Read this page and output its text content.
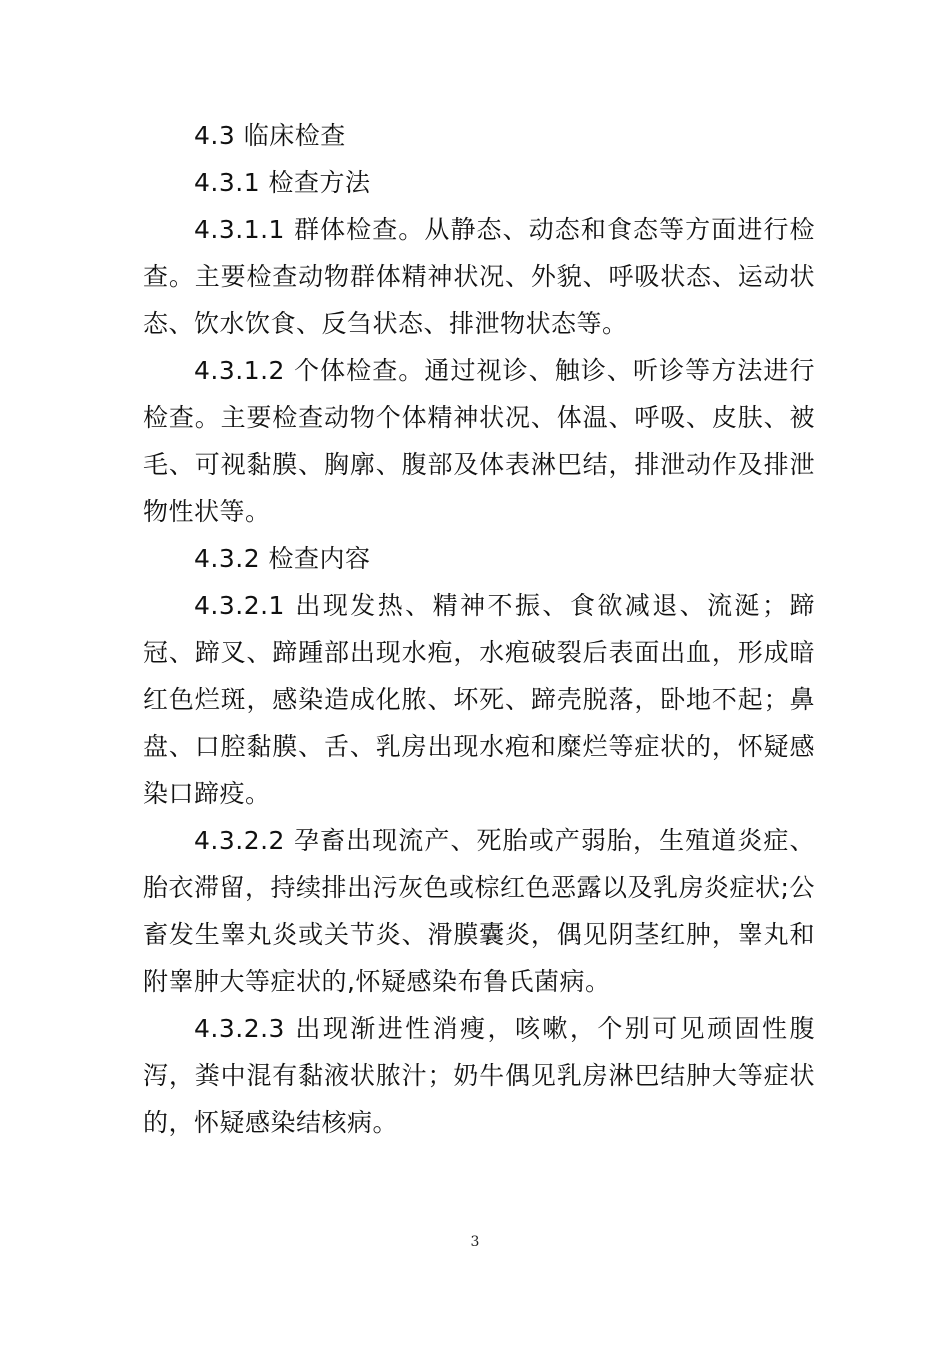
4.3 临床检查

4.3.1 检查方法

4.3.1.1 群体检查。从静态、动态和食态等方面进行检查。主要检查动物群体精神状况、外貌、呼吸状态、运动状态、饮水饮食、反刍状态、排泄物状态等。

4.3.1.2 个体检查。通过视诊、触诊、听诊等方法进行检查。主要检查动物个体精神状况、体温、呼吸、皮肤、被毛、可视黏膜、胸廓、腹部及体表淋巴结，排泄动作及排泄物性状等。

4.3.2 检查内容

4.3.2.1 出现发热、精神不振、食欲减退、流涎；蹄冠、蹄叉、蹄踵部出现水疱，水疱破裂后表面出血，形成暗红色烂斑，感染造成化脓、坏死、蹄壳脱落，卧地不起；鼻盘、口腔黏膜、舌、乳房出现水疱和糜烂等症状的，怀疑感染口蹄疫。

4.3.2.2 孕畜出现流产、死胎或产弱胎，生殖道炎症、胎衣滞留，持续排出污灰色或棕红色恶露以及乳房炎症状;公畜发生睾丸炎或关节炎、滑膜囊炎，偶见阴茎红肿，睾丸和附睾肿大等症状的,怀疑感染布鲁氏菌病。

4.3.2.3 出现渐进性消瘦，咳嗽，个别可见顽固性腹泻，粪中混有黏液状脓汁；奶牛偶见乳房淋巴结肿大等症状的，怀疑感染结核病。

3
